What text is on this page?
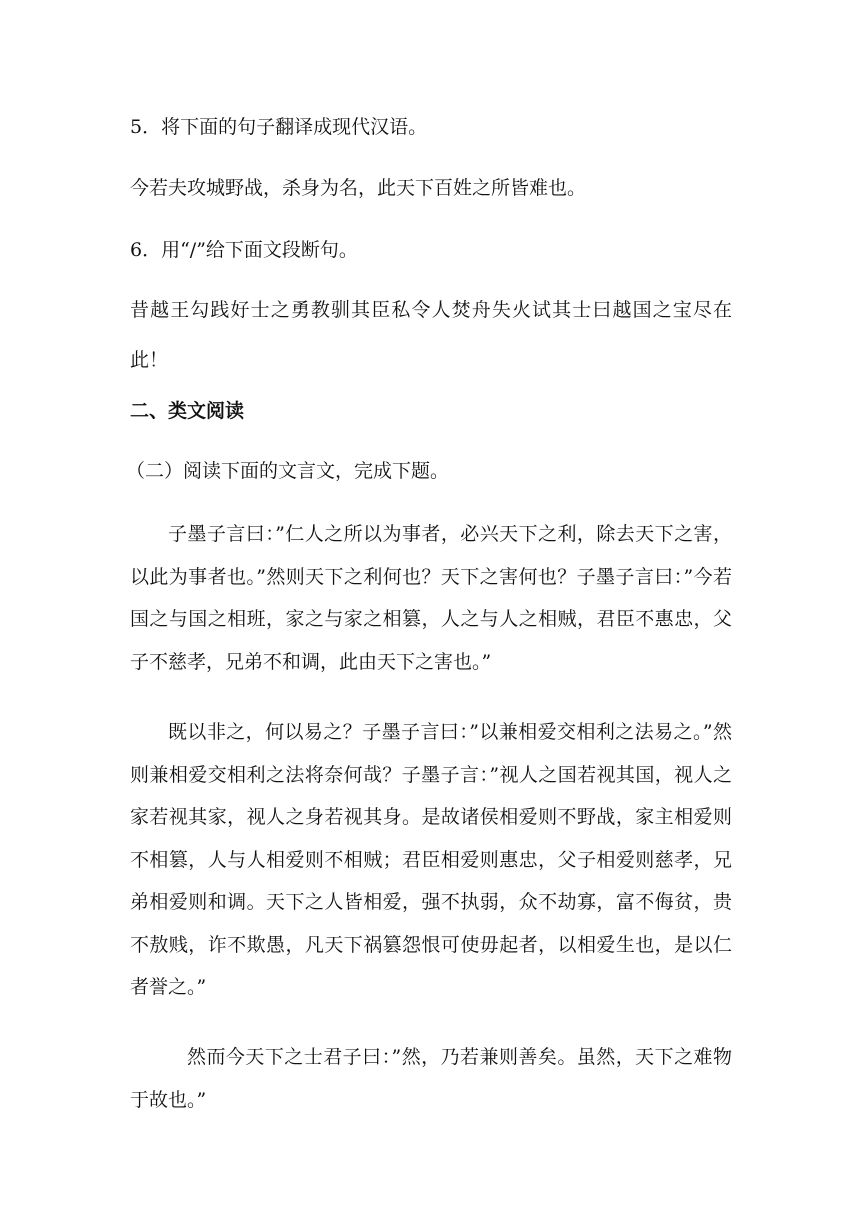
5．将下面的句子翻译成现代汉语。

今若夫攻城野战，杀身为名，此天下百姓之所皆难也。

6．用“/”给下面文段断句。

昔越王勾践好士之勇教驯其臣私令人焚舟失火试其士曰越国之宝尽在此！

二、类文阅读

（二）阅读下面的文言文，完成下题。

子墨子言曰：”仁人之所以为事者，必兴天下之利，除去天下之害，以此为事者也。”然则天下之利何也？天下之害何也？子墨子言曰：”今若国之与国之相班，家之与家之相篡，人之与人之相贼，君臣不惠忠，父子不慈孝，兄弟不和调，此由天下之害也。”

既以非之，何以易之？子墨子言曰：”以兼相爱交相利之法易之。”然则兼相爱交相利之法将奈何哉？子墨子言：”视人之国若视其国，视人之家若视其家，视人之身若视其身。是故诸侯相爱则不野战，家主相爱则不相篡，人与人相爱则不相贼；君臣相爱则惠忠，父子相爱则慈孝，兄弟相爱则和调。天下之人皆相爱，强不执弱，众不劫寡，富不侮贫，贵不敖贱，诈不欺愚，凡天下祸篡怨恨可使毋起者，以相爱生也，是以仁者誉之。”

然而今天下之士君子曰：”然，乃若兼则善矣。虽然，天下之难物于故也。”
